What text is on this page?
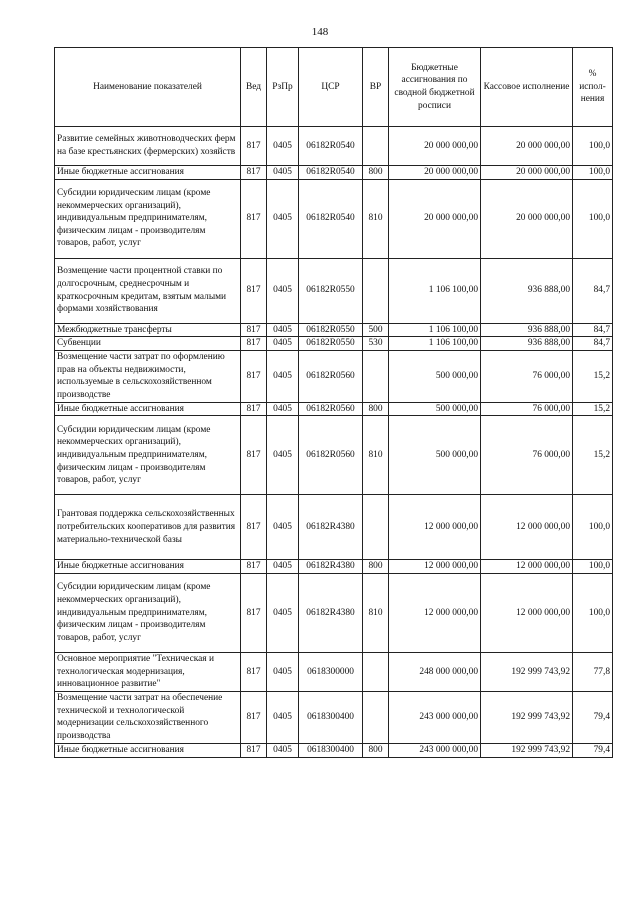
148
Наименование показателей	Вед	РзПр	ЦСР	ВР	Бюджетные ассигнования по сводной бюджетной росписи	Кассовое исполнение	% испол-нения
Развитие семейных животноводческих ферм на базе крестьянских (фермерских) хозяйств	817	0405	06182R0540		20 000 000,00	20 000 000,00	100,0
Иные бюджетные ассигнования	817	0405	06182R0540	800	20 000 000,00	20 000 000,00	100,0
Субсидии юридическим лицам (кроме некоммерческих организаций), индивидуальным предпринимателям, физическим лицам - производителям товаров, работ, услуг	817	0405	06182R0540	810	20 000 000,00	20 000 000,00	100,0
Возмещение части процентной ставки по долгосрочным, среднесрочным и краткосрочным кредитам, взятым малыми формами хозяйствования	817	0405	06182R0550		1 106 100,00	936 888,00	84,7
Межбюджетные трансферты	817	0405	06182R0550	500	1 106 100,00	936 888,00	84,7
Субвенции	817	0405	06182R0550	530	1 106 100,00	936 888,00	84,7
Возмещение части затрат по оформлению прав на объекты недвижимости, используемые в сельскохозяйственном производстве	817	0405	06182R0560		500 000,00	76 000,00	15,2
Иные бюджетные ассигнования	817	0405	06182R0560	800	500 000,00	76 000,00	15,2
Субсидии юридическим лицам (кроме некоммерческих организаций), индивидуальным предпринимателям, физическим лицам - производителям товаров, работ, услуг	817	0405	06182R0560	810	500 000,00	76 000,00	15,2
Грантовая поддержка сельскохозяйственных потребительских кооперативов для развития материально-технической базы	817	0405	06182R4380		12 000 000,00	12 000 000,00	100,0
Иные бюджетные ассигнования	817	0405	06182R4380	800	12 000 000,00	12 000 000,00	100,0
Субсидии юридическим лицам (кроме некоммерческих организаций), индивидуальным предпринимателям, физическим лицам - производителям товаров, работ, услуг	817	0405	06182R4380	810	12 000 000,00	12 000 000,00	100,0
Основное мероприятие "Техническая и технологическая модернизация, инновационное развитие"	817	0405	0618300000		248 000 000,00	192 999 743,92	77,8
Возмещение части затрат на обеспечение технической и технологической модернизации сельскохозяйственного производства	817	0405	0618300400		243 000 000,00	192 999 743,92	79,4
Иные бюджетные ассигнования	817	0405	0618300400	800	243 000 000,00	192 999 743,92	79,4
